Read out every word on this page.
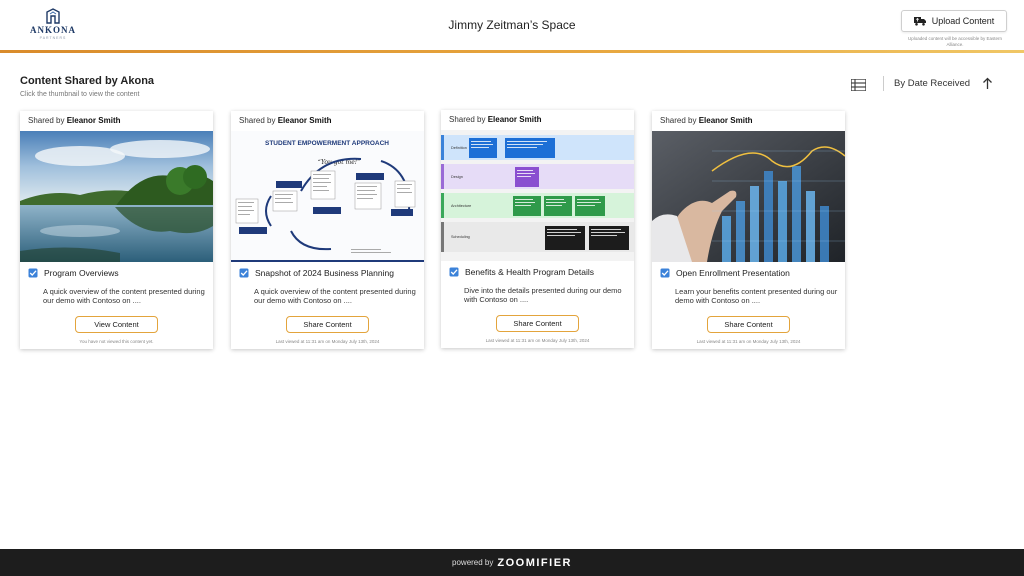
ANKONA
PARTNERS
Jimmy Zeitman’s Space	Upload Content
Uploaded content will be accessible by Eastern Alliance.
Content Shared by Akona
Click the thumbnail to view the content
By Date Received
Shared by Eleanor Smith
Program Overviews
A quick overview of the content presented during our demo with Contoso on ....
View Content
You have not viewed this content yet.
Shared by Eleanor Smith
STUDENT EMPOWERMENT APPROACH
“You got me!”
Snapshot of 2024 Business Planning
A quick overview of the content presented during our demo with Contoso on ....
Share Content
Last viewed at 11:31 am on Monday July 13th, 2024
Shared by Eleanor Smith
Definition
Design
Architecture
Scheduling
Benefits & Health Program Details
Dive into the details presented during our demo with Contoso on ....
Share Content
Last viewed at 11:31 am on Monday July 13th, 2024
Shared by Eleanor Smith
Open Enrollment Presentation
Learn your benefits content presented during our demo with Contoso on ....
Share Content
Last viewed at 11:31 am on Monday July 13th, 2024
powered by ZOOMIFIER
